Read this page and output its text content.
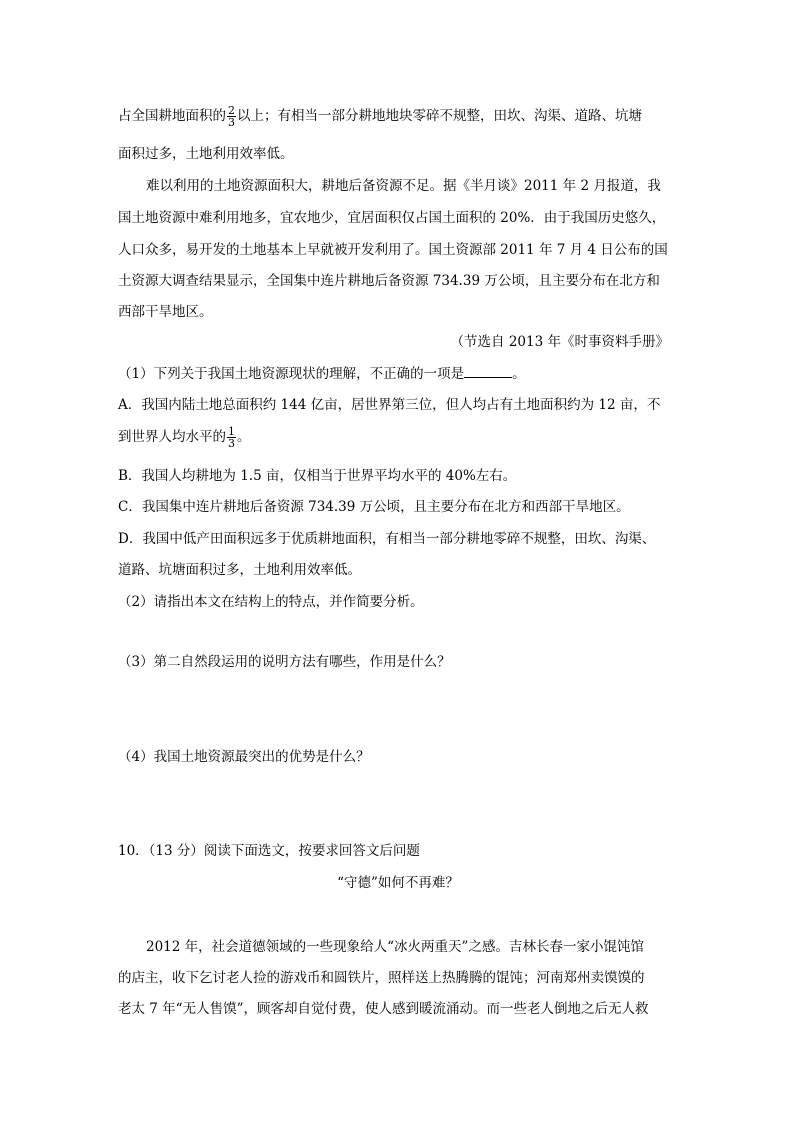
占全国耕地面积的 $\frac{2}{3}$ 以上；有相当一部分耕地地块零碎不规整，田坎、沟渠、道路、坑塘
面积过多，土地利用效率低。
难以利用的土地资源面积大，耕地后备资源不足。据《半月谈》2011 年 2 月报道，我
国土地资源中难利用地多，宜农地少，宜居面积仅占国土面积的 20%．由于我国历史悠久，
人口众多，易开发的土地基本上早就被开发利用了。国土资源部 2011 年 7 月 4 日公布的国
土资源大调查结果显示，全国集中连片耕地后备资源 734.39 万公顷，且主要分布在北方和
西部干旱地区。
（节选自 2013 年《时事资料手册》
（1）下列关于我国土地资源现状的理解，不正确的一项是	。
A．我国内陆土地总面积约 144 亿亩，居世界第三位，但人均占有土地面积约为 12 亩，不
到世界人均水平的 $\frac{1}{3}$ 。
B．我国人均耕地为 1.5 亩，仅相当于世界平均水平的 40%左右。
C．我国集中连片耕地后备资源 734.39 万公顷，且主要分布在北方和西部干旱地区。
D．我国中低产田面积远多于优质耕地面积，有相当一部分耕地零碎不规整，田坎、沟渠、
道路、坑塘面积过多，土地利用效率低。
（2）请指出本文在结构上的特点，并作简要分析。
（3）第二自然段运用的说明方法有哪些，作用是什么？
（4）我国土地资源最突出的优势是什么？
10．（13 分）阅读下面选文，按要求回答文后问题
“守德”如何不再难？
2012 年，社会道德领域的一些现象给人“冰火两重天”之感。吉林长春一家小馄饨馆
的店主，收下乞讨老人捡的游戏币和圆铁片，照样送上热腾腾的馄饨；河南郑州卖馍馍的
老太 7 年“无人售馍”，顾客却自觉付费，使人感到暖流涌动。而一些老人倒地之后无人救
